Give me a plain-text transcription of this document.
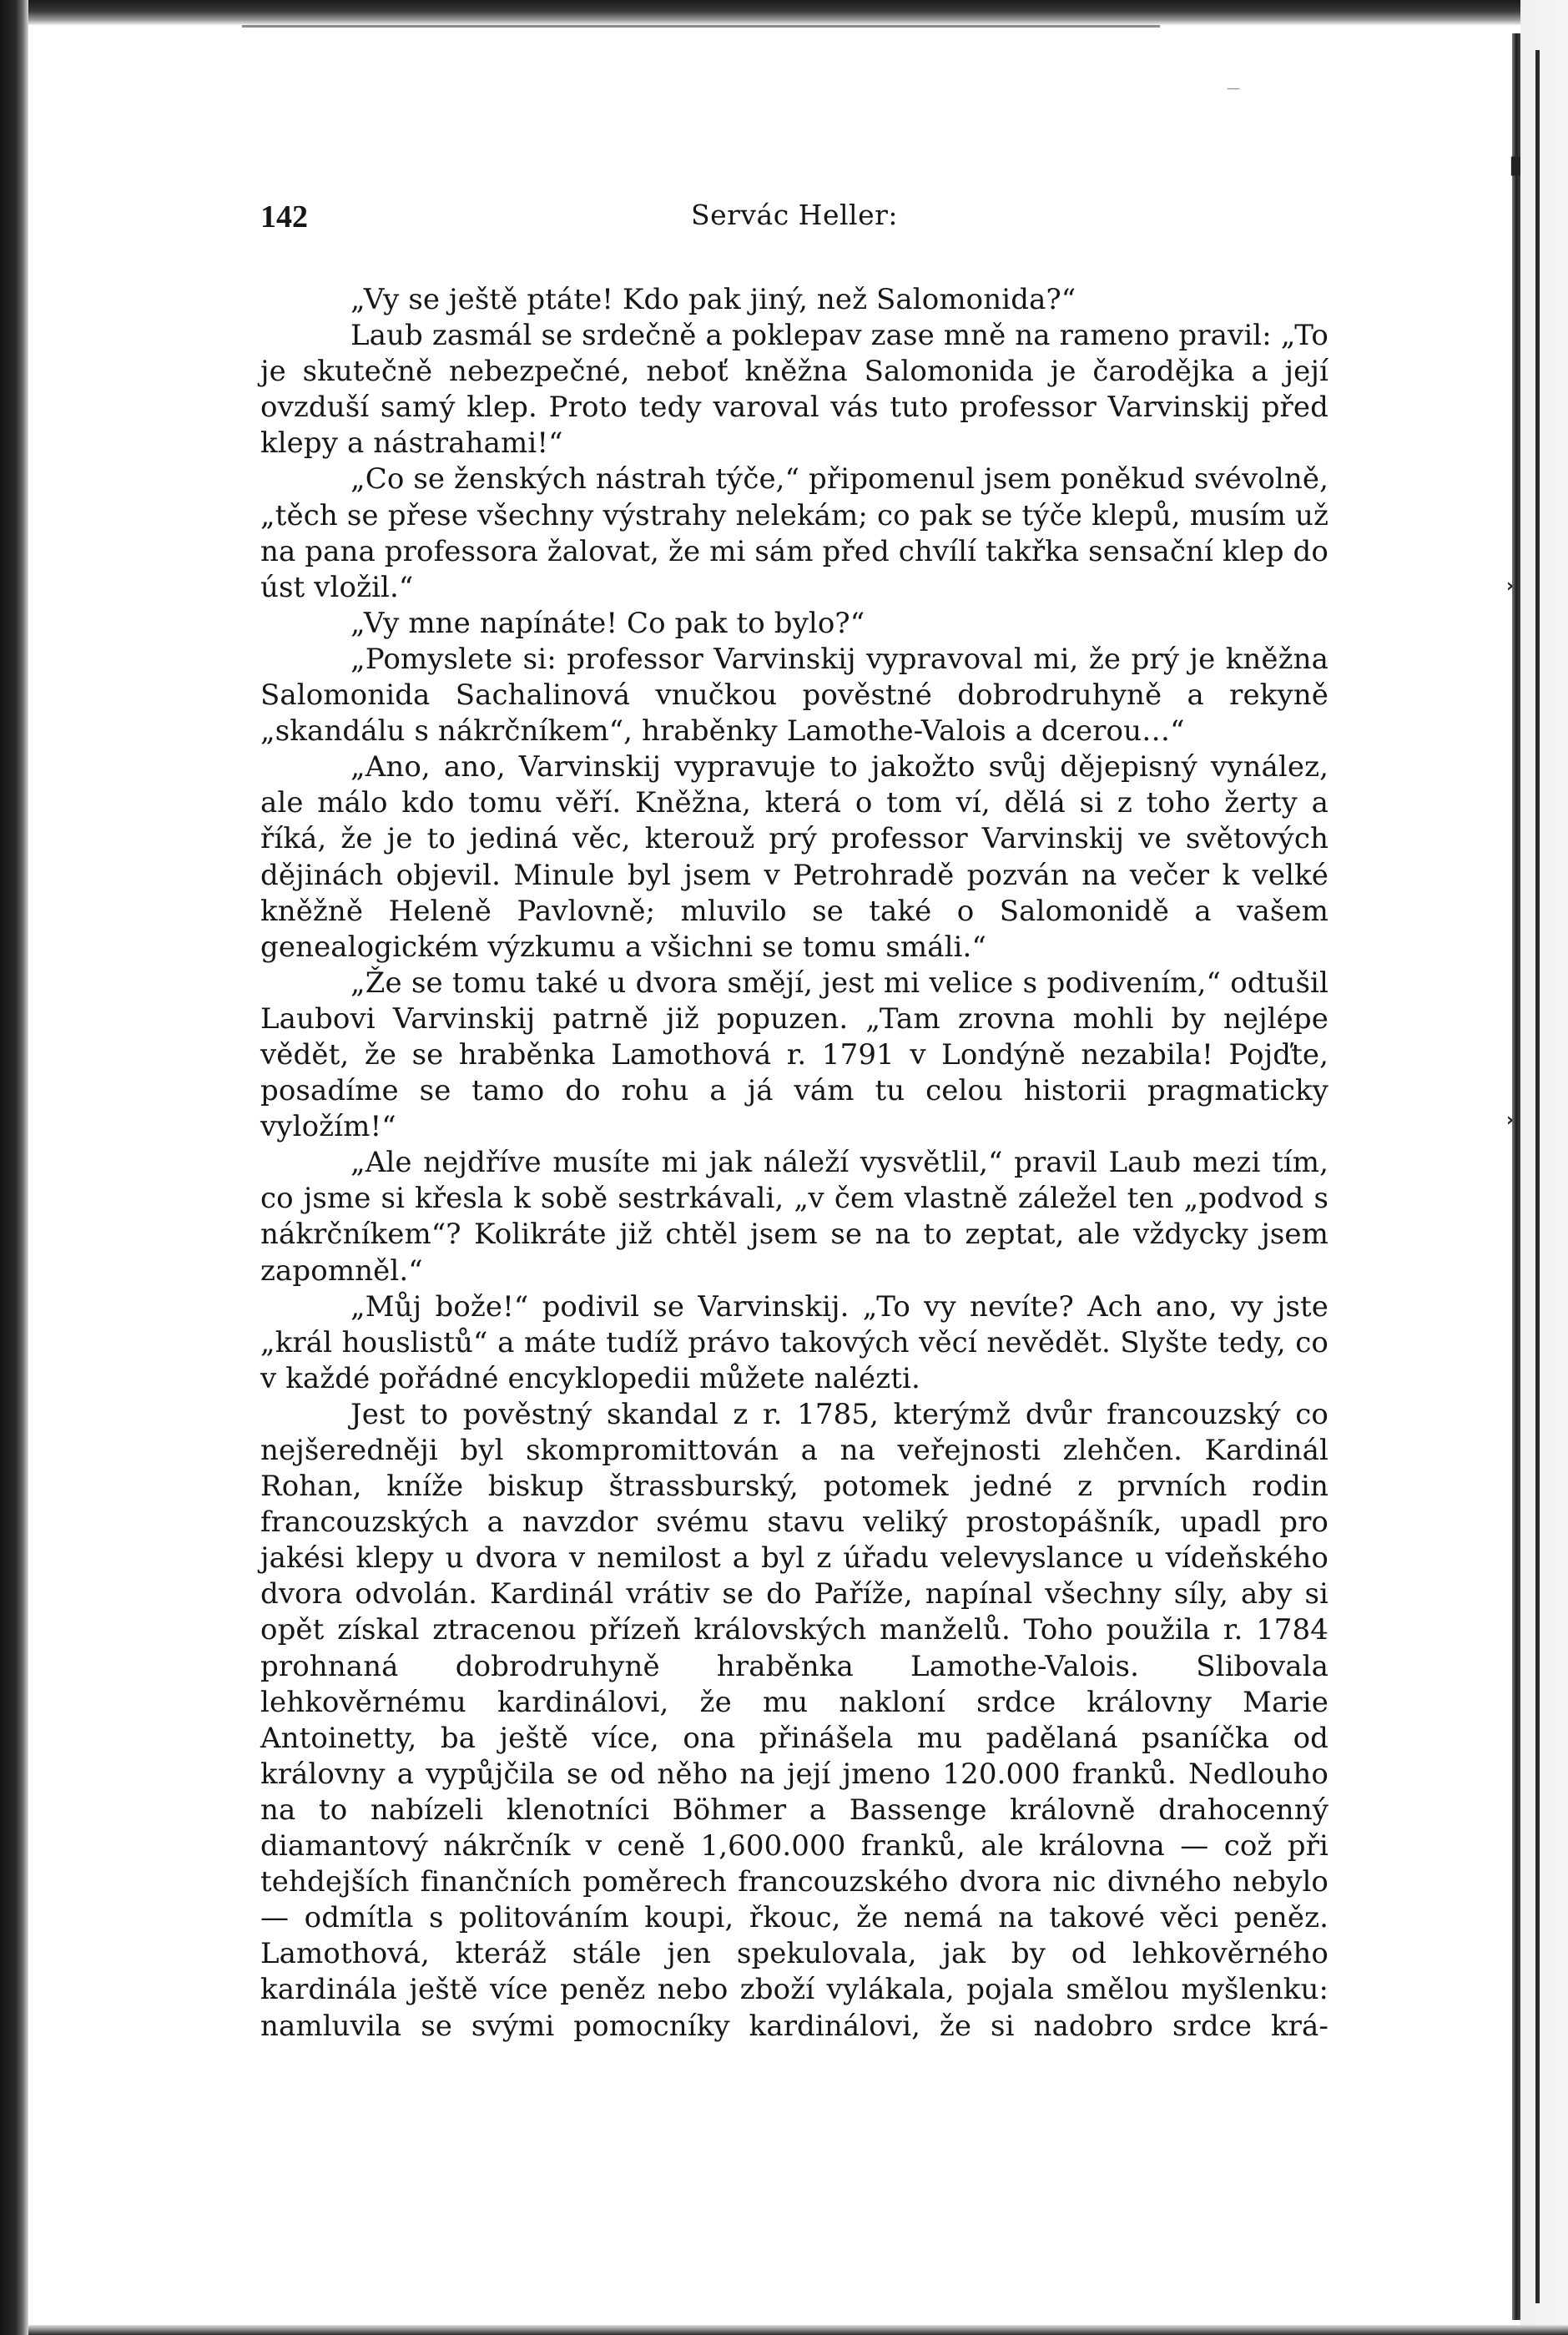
▮
›
›
—
142	Servác Heller:

„Vy se ještě ptáte! Kdo pak jiný, než Salomonida?“

Laub zasmál se srdečně a poklepav zase mně na rameno pravil: „To je skutečně nebezpečné, neboť kněžna Salomonida je čarodějka a její ovzduší samý klep. Proto tedy varoval vás tuto professor Varvinskij před klepy a nástrahami!“

„Co se ženských nástrah týče,“ připomenul jsem poněkud svévolně, „těch se přese všechny výstrahy nelekám; co pak se týče klepů, musím už na pana professora žalovat, že mi sám před chvílí takřka sensační klep do úst vložil.“

„Vy mne napínáte! Co pak to bylo?“

„Pomyslete si: professor Varvinskij vypravoval mi, že prý je kněžna Salomonida Sachalinová vnučkou pověstné dobrodruhyně a rekyně „skandálu s nákrčníkem“, hraběnky Lamothe-Valois a dcerou…“

„Ano, ano, Varvinskij vypravuje to jakožto svůj dějepisný vynález, ale málo kdo tomu věří. Kněžna, která o tom ví, dělá si z toho žerty a říká, že je to jediná věc, kterouž prý professor Varvinskij ve světových dějinách objevil. Minule byl jsem v Petrohradě pozván na večer k velké kněžně Heleně Pavlovně; mluvilo se také o Salomonidě a vašem genealogickém výzkumu a všichni se tomu smáli.“

„Že se tomu také u dvora smějí, jest mi velice s podivením,“ odtušil Laubovi Varvinskij patrně již popuzen. „Tam zrovna mohli by nejlépe vědět, že se hraběnka Lamothová r. 1791 v Londýně nezabila! Pojďte, posadíme se tamo do rohu a já vám tu celou historii pragmaticky vyložím!“

„Ale nejdříve musíte mi jak náleží vysvětlil,“ pravil Laub mezi tím, co jsme si křesla k sobě sestrkávali, „v čem vlastně záležel ten „podvod s nákrčníkem“? Kolikráte již chtěl jsem se na to zeptat, ale vždycky jsem zapomněl.“

„Můj bože!“ podivil se Varvinskij. „To vy nevíte? Ach ano, vy jste „král houslistů“ a máte tudíž právo takových věcí nevědět. Slyšte tedy, co v každé pořádné encyklopedii můžete nalézti.

Jest to pověstný skandal z r. 1785, kterýmž dvůr francouzský co nejšeredněji byl skompromittován a na veřejnosti zlehčen. Kardinál Rohan, kníže biskup štrassburský, potomek jedné z prvních rodin francouzských a navzdor svému stavu veliký prostopášník, upadl pro jakési klepy u dvora v nemilost a byl z úřadu velevyslance u vídeňského dvora odvolán. Kardinál vrátiv se do Paříže, napínal všechny síly, aby si opět získal ztracenou přízeň královských manželů. Toho použila r. 1784 prohnaná dobrodruhyně hraběnka Lamothe-Valois. Slibovala lehkověrnému kardinálovi, že mu nakloní srdce královny Marie Antoinetty, ba ještě více, ona přinášela mu padělaná psaníčka od královny a vypůjčila se od něho na její jmeno 120.000 franků. Nedlouho na to nabízeli klenotníci Böhmer a Bassenge královně drahocenný diamantový nákrčník v ceně 1,600.000 franků, ale královna — což při tehdejších finančních poměrech francouzského dvora nic divného nebylo — odmítla s politováním koupi, řkouc, že nemá na takové věci peněz. Lamothová, kteráž stále jen spekulovala, jak by od lehkověrného kardinála ještě více peněz nebo zboží vylákala, pojala smělou myšlenku: namluvila se svými pomocníky kardinálovi, že si nadobro srdce krá-
